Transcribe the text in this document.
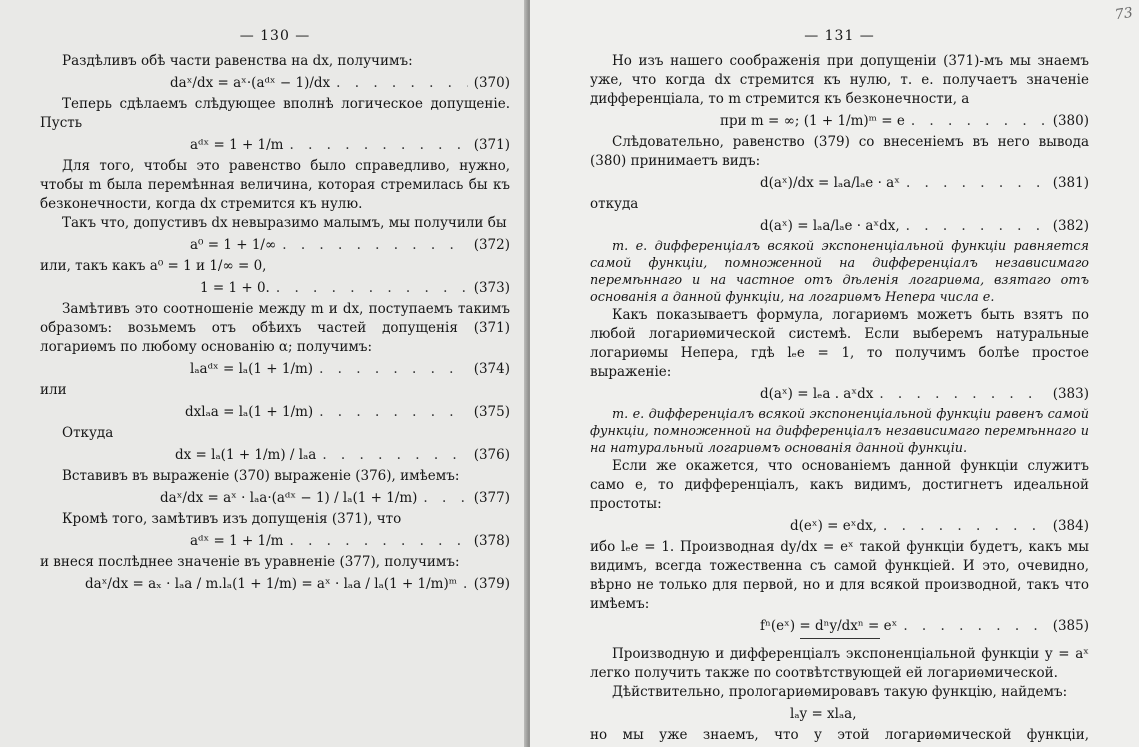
— 130 —

Раздѣливъ обѣ части равенства на dx, получимъ:

daˣ/dx = aˣ·(aᵈˣ − 1)/dx . . .	(370)

Теперь сдѣлаемъ слѣдующее вполнѣ логическое допущеніе. Пусть

aᵈˣ = 1 + 1/m . . .	(371)

Для того, чтобы это равенство было справедливо, нужно, чтобы m была перемѣнная величина, которая стремилась бы къ безконечности, когда dx стремится къ нулю.

Такъ что, допустивъ dx невыразимо малымъ, мы получили бы

a⁰ = 1 + 1/∞ . . .	(372)

или, такъ какъ a⁰ = 1 и 1/∞ = 0,

1 = 1 + 0. . . .	(373)

Замѣтивъ это соотношеніе между m и dx, поступаемъ такимъ образомъ: возьмемъ отъ обѣихъ частей допущенія (371) логариѳмъ по любому основанію α; получимъ:

lₐaᵈˣ = lₐ(1 + 1/m) . . .	(374)

или

dxlₐa = lₐ(1 + 1/m) . . .	(375)

Откуда

dx = lₐ(1 + 1/m) / lₐa . . .	(376)

Вставивъ въ выраженіе (370) выраженіе (376), имѣемъ:

daˣ/dx = aˣ · lₐa·(aᵈˣ − 1) / lₐ(1 + 1/m) . . .	(377)

Кромѣ того, замѣтивъ изъ допущенія (371), что

aᵈˣ = 1 + 1/m . . .	(378)

и внеся послѣднее значеніе въ уравненіе (377), получимъ:

daˣ/dx = aₓ · lₐa / m.lₐ(1 + 1/m) = aˣ · lₐa / lₐ(1 + 1/m)ᵐ . . . (379)
73
— 131 —

Но изъ нашего соображенія при допущеніи (371)-мъ мы знаемъ уже, что когда dx стремится къ нулю, т. е. получаетъ значеніе дифференціала, то m стремится къ безконечности, а

при m = ∞; (1 + 1/m)ᵐ = e . . .	(380)

Слѣдовательно, равенство (379) со внесеніемъ въ него вывода (380) принимаетъ видъ:

d(aˣ)/dx = lₐa/lₐe · aˣ . . .	(381)

откуда

d(aˣ) = lₐa/lₐe · aˣdx, . . .	(382)

т. е. дифференціалъ всякой экспоненціальной функціи равняется самой функціи, помноженной на дифференціалъ независимаго перемѣннаго и на частное отъ дѣленія логариѳма, взятаго отъ основанія a данной функціи, на логариѳмъ Непера числа e.

Какъ показываетъ формула, логариѳмъ можетъ быть взятъ по любой логариѳмической системѣ. Если выберемъ натуральные логариѳмы Непера, гдѣ lₑe = 1, то получимъ болѣе простое выраженіе:

d(aˣ) = lₑa . aˣdx . . .	(383)

т. е. дифференціалъ всякой экспоненціальной функціи равенъ самой функціи, помноженной на дифференціалъ независимаго перемѣннаго и на натуральный логариѳмъ основанія данной функціи.

Если же окажется, что основаніемъ данной функціи служитъ само e, то дифференціалъ, какъ видимъ, достигнетъ идеальной простоты:

d(eˣ) = eˣdx, . . .	(384)

ибо lₑe = 1. Производная dy/dx = eˣ такой функціи будетъ, какъ мы видимъ, всегда тожественна съ самой функціей. И это, очевидно, вѣрно не только для первой, но и для всякой производной, такъ что имѣемъ:

fⁿ(eˣ) = dⁿy/dxⁿ = eˣ . . .	(385)

Производную и дифференціалъ экспоненціальной функціи y = aˣ легко получить также по соотвѣтствующей ей логариѳмической.

Дѣйствительно, прологариѳмировавъ такую функцію, найдемъ:

lₐy = xlₐa,

но мы уже знаемъ, что у этой логариѳмической функціи,
